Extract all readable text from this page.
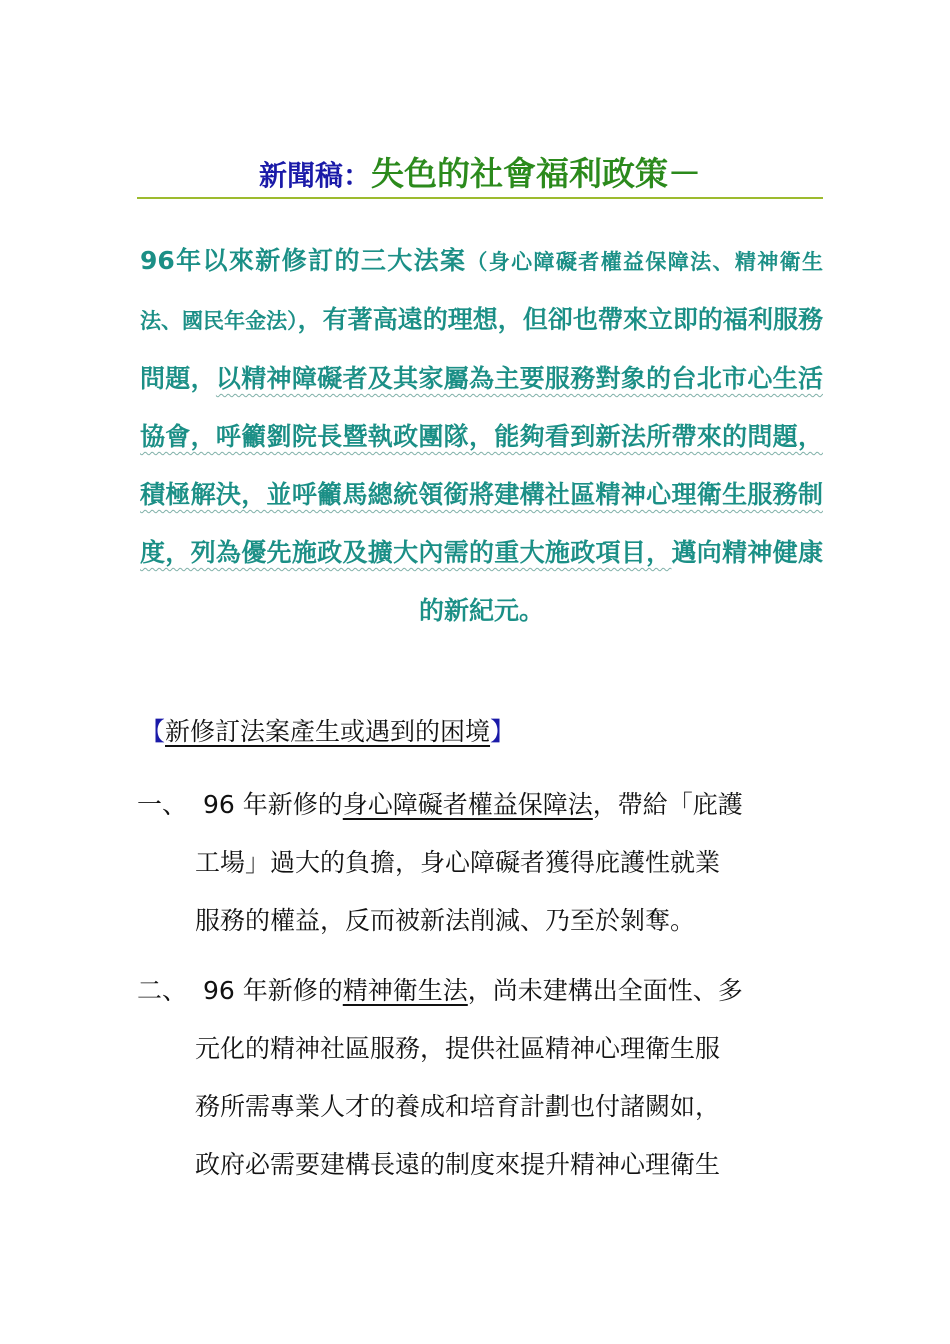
新聞稿：失色的社會福利政策－
96年以來新修訂的三大法案（身心障礙者權益保障法、精神衛生法、國民年金法），有著高遠的理想，但卻也帶來立即的福利服務問題，以精神障礙者及其家屬為主要服務對象的台北市心生活協會，呼籲劉院長暨執政團隊，能夠看到新法所帶來的問題，積極解決，並呼籲馬總統領銜將建構社區精神心理衛生服務制度，列為優先施政及擴大內需的重大施政項目，邁向精神健康的新紀元。
【新修訂法案產生或遇到的困境】
一、 96 年新修的身心障礙者權益保障法，帶給「庇護
工場」過大的負擔，身心障礙者獲得庇護性就業
服務的權益，反而被新法削減、乃至於剝奪。
二、 96 年新修的精神衛生法，尚未建構出全面性、多
元化的精神社區服務，提供社區精神心理衛生服
務所需專業人才的養成和培育計劃也付諸闕如，
政府必需要建構長遠的制度來提升精神心理衛生
